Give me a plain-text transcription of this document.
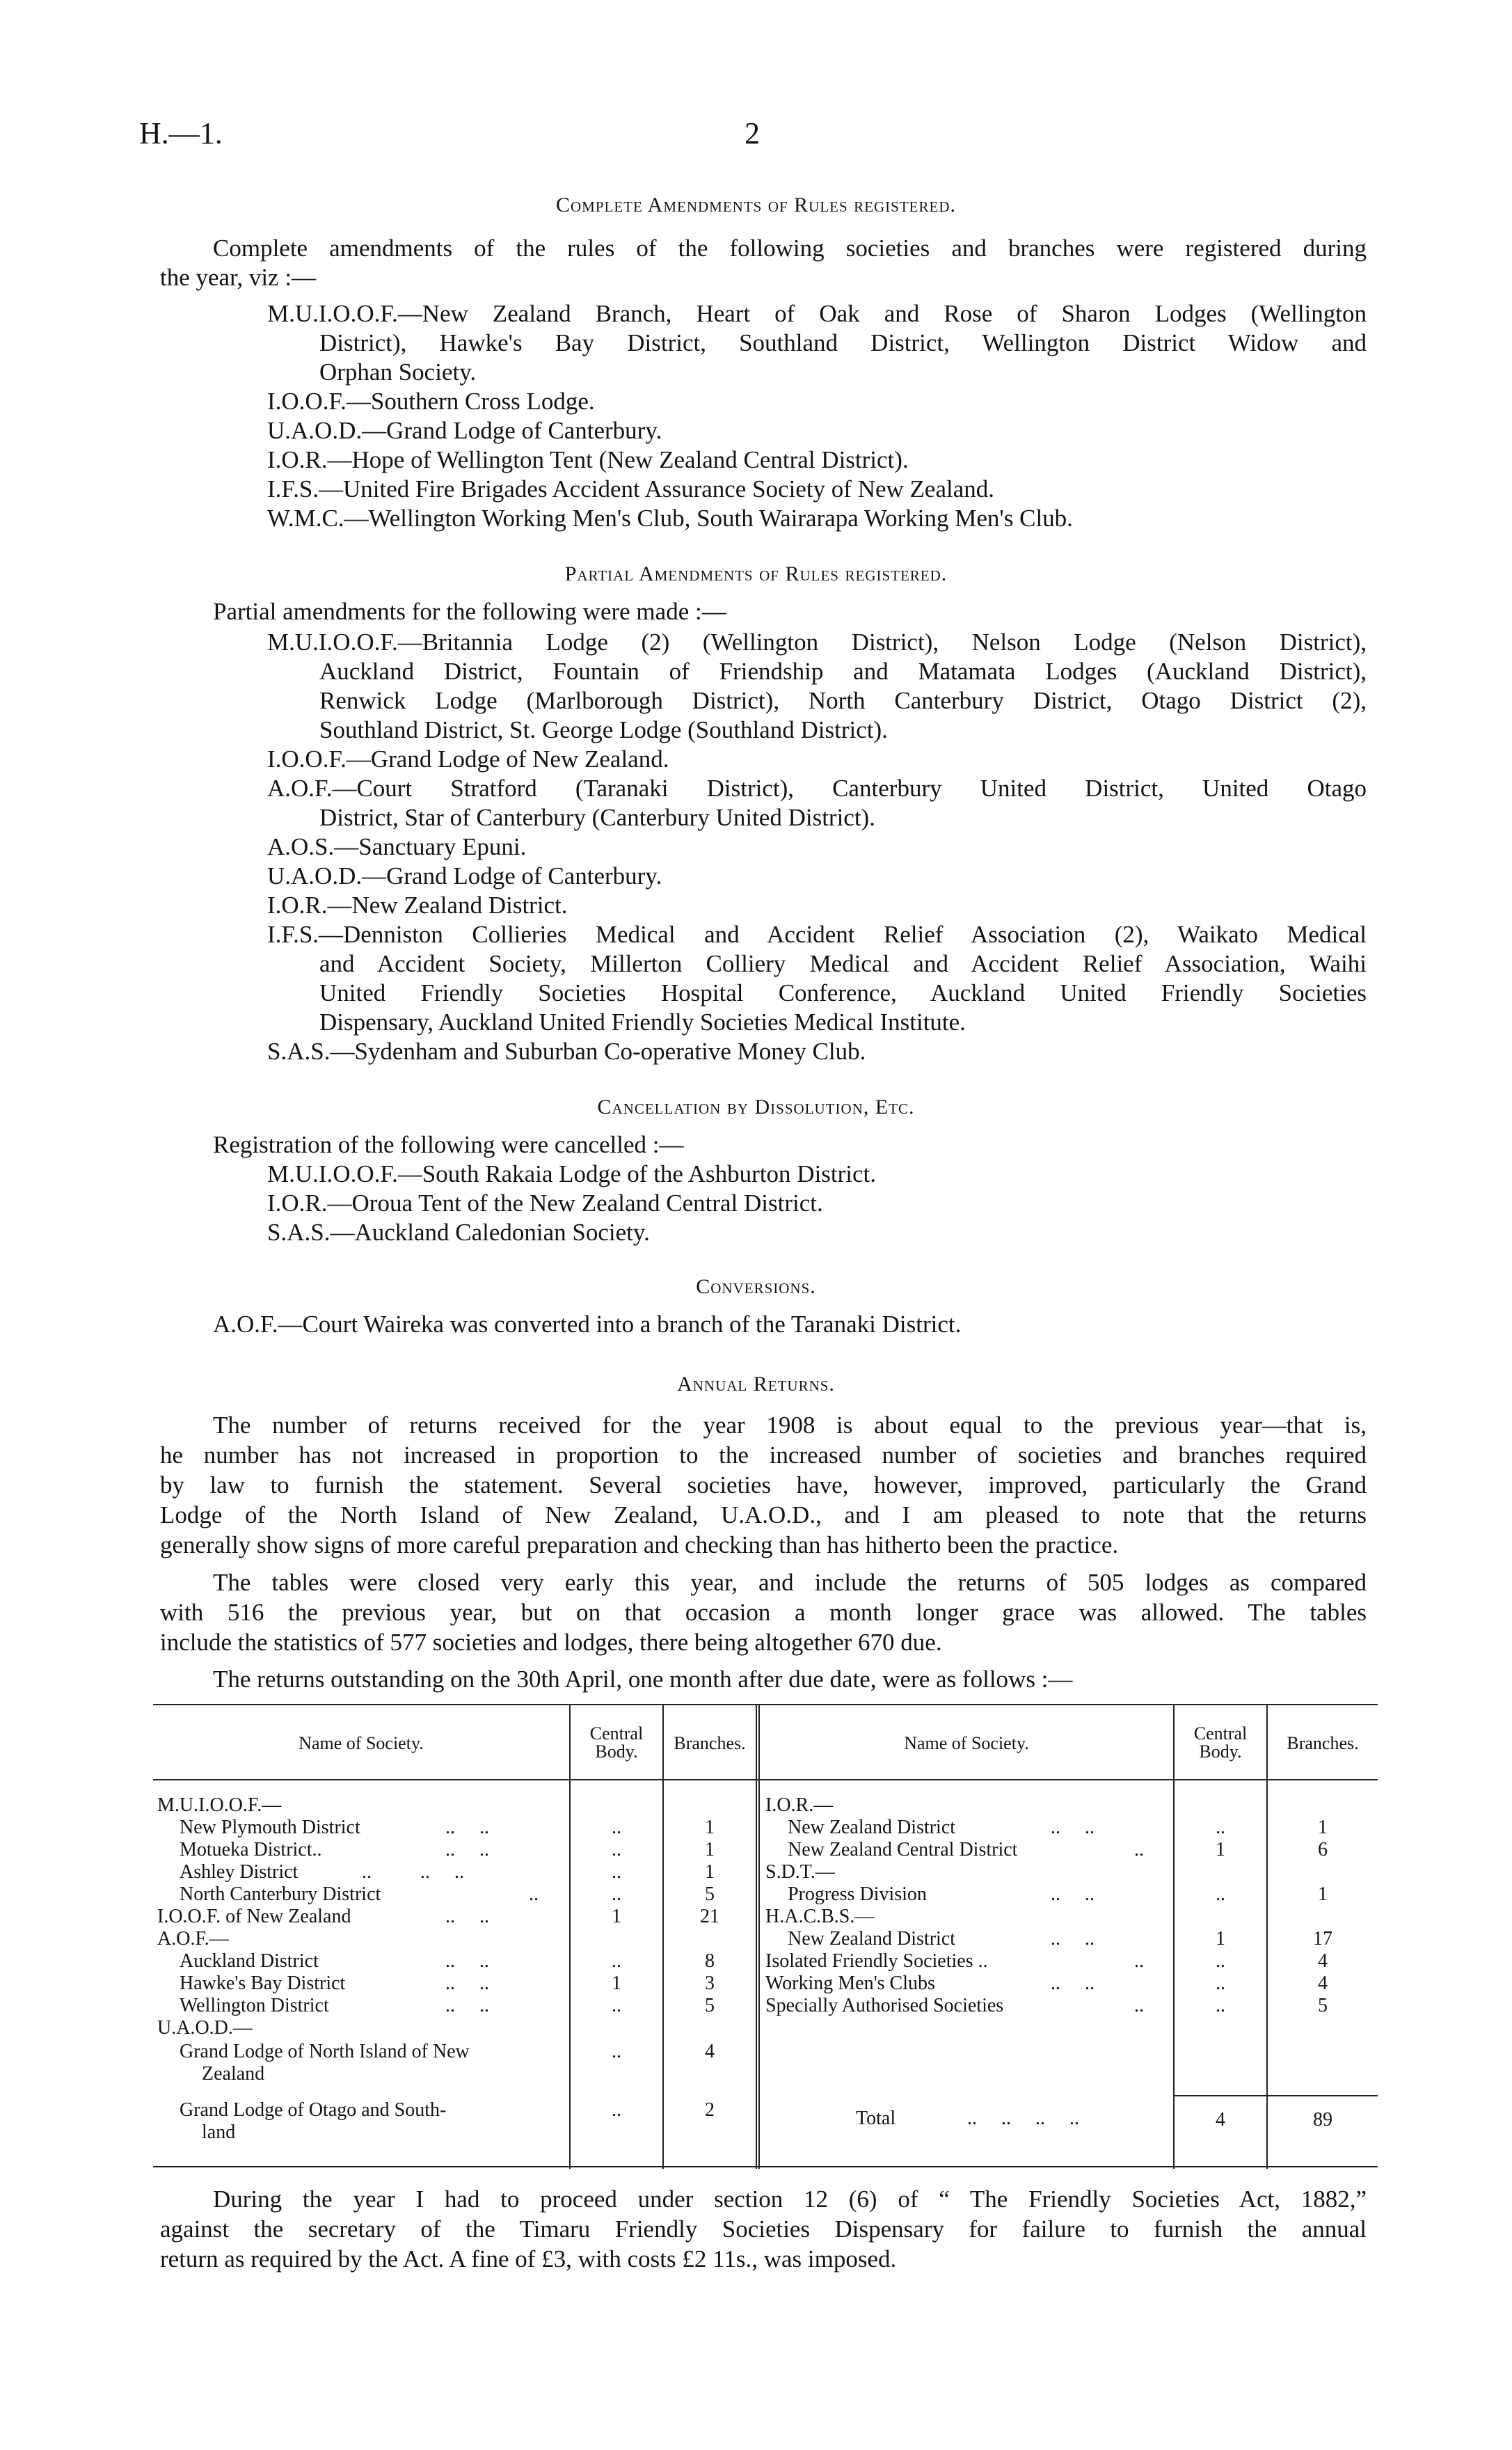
H.—1.	2
Complete Amendments of Rules registered.
Complete amendments of the rules of the following societies and branches were registered during
the year, viz :—
M.U.I.O.O.F.—New Zealand Branch, Heart of Oak and Rose of Sharon Lodges (Wellington
District), Hawke's Bay District, Southland District, Wellington District Widow and
Orphan Society.
I.O.O.F.—Southern Cross Lodge.
U.A.O.D.—Grand Lodge of Canterbury.
I.O.R.—Hope of Wellington Tent (New Zealand Central District).
I.F.S.—United Fire Brigades Accident Assurance Society of New Zealand.
W.M.C.—Wellington Working Men's Club, South Wairarapa Working Men's Club.
Partial Amendments of Rules registered.
Partial amendments for the following were made :—
M.U.I.O.O.F.—Britannia Lodge (2) (Wellington District), Nelson Lodge (Nelson District),
Auckland District, Fountain of Friendship and Matamata Lodges (Auckland District),
Renwick Lodge (Marlborough District), North Canterbury District, Otago District (2),
Southland District, St. George Lodge (Southland District).
I.O.O.F.—Grand Lodge of New Zealand.
A.O.F.—Court Stratford (Taranaki District), Canterbury United District, United Otago
District, Star of Canterbury (Canterbury United District).
A.O.S.—Sanctuary Epuni.
U.A.O.D.—Grand Lodge of Canterbury.
I.O.R.—New Zealand District.
I.F.S.—Denniston Collieries Medical and Accident Relief Association (2), Waikato Medical
and Accident Society, Millerton Colliery Medical and Accident Relief Association, Waihi
United Friendly Societies Hospital Conference, Auckland United Friendly Societies
Dispensary, Auckland United Friendly Societies Medical Institute.
S.A.S.—Sydenham and Suburban Co-operative Money Club.
Cancellation by Dissolution, Etc.
Registration of the following were cancelled :—
M.U.I.O.O.F.—South Rakaia Lodge of the Ashburton District.
I.O.R.—Oroua Tent of the New Zealand Central District.
S.A.S.—Auckland Caledonian Society.
Conversions.
A.O.F.—Court Waireka was converted into a branch of the Taranaki District.
Annual Returns.
The number of returns received for the year 1908 is about equal to the previous year—that is,
he number has not increased in proportion to the increased number of societies and branches required
by law to furnish the statement. Several societies have, however, improved, particularly the Grand
Lodge of the North Island of New Zealand, U.A.O.D., and I am pleased to note that the returns
generally show signs of more careful preparation and checking than has hitherto been the practice.
The tables were closed very early this year, and include the returns of 505 lodges as compared
with 516 the previous year, but on that occasion a month longer grace was allowed. The tables
include the statistics of 577 societies and lodges, there being altogether 670 due.
The returns outstanding on the 30th April, one month after due date, were as follows :—
Name of Society.	Central
Body.	Branches.	Name of Society.	Central
Body.	Branches.
M.U.I.O.O.F.—
New Plymouth District	..     ..	..	1
Motueka District..	..     ..	..	1
Ashley District	..          ..     ..	..	1
North Canterbury District	..	..	5
I.O.O.F. of New Zealand	..     ..	1	21
A.O.F.—
Auckland District	..     ..	..	8
Hawke's Bay District	..     ..	1	3
Wellington District	..     ..	..	5
U.A.O.D.—
Grand Lodge of North Island of New
Zealand
..	4
Grand Lodge of Otago and South-
land
..	2
I.O.R.—
New Zealand District	..     ..	..	1
New Zealand Central District	..	1	6
S.D.T.—
Progress Division	..     ..	..	1
H.A.C.B.S.—
New Zealand District	..     ..	1	17
Isolated Friendly Societies ..	..	..	4
Working Men's Clubs	..     ..	..	4
Specially Authorised Societies	..	..	5
Total	..     ..     ..     ..	4	89
During the year I had to proceed under section 12 (6) of “ The Friendly Societies Act, 1882,”
against the secretary of the Timaru Friendly Societies Dispensary for failure to furnish the annual
return as required by the Act. A fine of £3, with costs £2 11s., was imposed.
